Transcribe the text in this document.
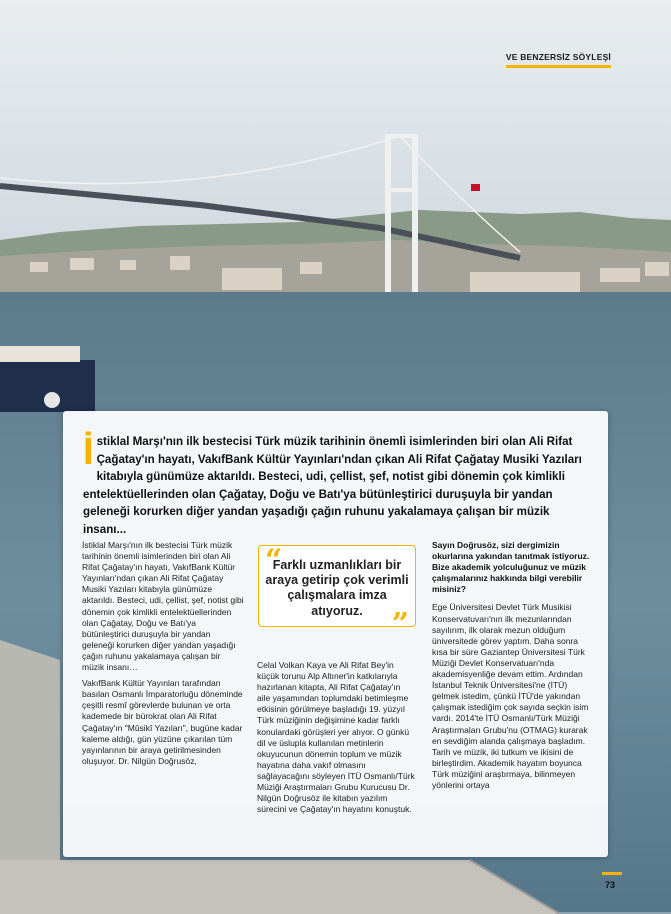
VE BENZERSİZ SÖYLEŞİ
İ stiklal Marşı'nın ilk bestecisi Türk müzik tarihinin önemli isimlerinden biri olan Ali Rifat Çağatay'ın hayatı, VakıfBank Kültür Yayınları'ndan çıkan Ali Rifat Çağatay Musiki Yazıları kitabıyla günümüze aktarıldı. Besteci, udi, çellist, şef, notist gibi dönemin çok kimlikli entelektüellerinden olan Çağatay, Doğu ve Batı'ya bütünleştirici duruşuyla bir yandan geleneği korurken diğer yandan yaşadığı çağın ruhunu yakalamaya çalışan bir müzik insanı...

İstiklal Marşı'nın ilk bestecisi Türk müzik tarihinin önemli isimlerinden biri olan Ali Rifat Çağatay'ın hayatı, VakıfBank Kültür Yayınları'ndan çıkan Ali Rifat Çağatay Musiki Yazıları kitabıyla günümüze aktarıldı. Besteci, udi, çellist, şef, notist gibi dönemin çok kimlikli entelektüellerinden olan Çağatay, Doğu ve Batı'ya bütünleştirici duruşuyla bir yandan geleneği korurken diğer yandan yaşadığı çağın ruhunu yakalamaya çalışan bir müzik insanı…

VakıfBank Kültür Yayınları tarafından basılan Osmanlı İmparatorluğu döneminde çeşitli resmî görevlerde bulunan ve orta kademede bir bürokrat olan Ali Rifat Çağatay'ın "Mûsikî Yazıları", bugüne kadar kaleme aldığı, gün yüzüne çıkarılan tüm yayınlarının bir araya getirilmesinden oluşuyor. Dr. Nilgün Doğrusöz,

“
Farklı uzmanlıkları bir araya getirip çok verimli çalışmalara imza atıyoruz. ”

Celal Volkan Kaya ve Ali Rifat Bey'in küçük torunu Alp Altıner'in katkılarıyla hazırlanan kitapta, Ali Rifat Çağatay'ın aile yaşamından toplumdaki betimleşme etkisinin görülmeye başladığı 19. yüzyıl Türk müziğinin değişimine kadar farklı konulardaki görüşleri yer alıyor. O günkü dil ve üslupla kullanılan metinlerin okuyucunun dönemin toplum ve müzik hayatına daha vakıf olmasını sağlayacağını söyleyen İTÜ Osmanlı/Türk Müziği Araştırmaları Grubu Kurucusu Dr. Nilgün Doğrusöz ile kitabın yazılım sürecini ve Çağatay'ın hayatını konuştuk.

Sayın Doğrusöz, sizi dergimizin okurlarına yakından tanıtmak istiyoruz. Bize akademik yolculuğunuz ve müzik çalışmalarınız hakkında bilgi verebilir misiniz?

Ege Üniversitesi Devlet Türk Musikisi Konservatuvarı'nın ilk mezunlarından sayılırım, ilk olarak mezun olduğum üniversitede görev yaptım. Daha sonra kısa bir süre Gaziantep Üniversitesi Türk Müziği Devlet Konservatuarı'nda akademisyenliğe devam ettim. Ardından İstanbul Teknik Üniversitesi'ne (İTÜ) gelmek istedim, çünkü İTÜ'de yakından çalışmak istediğim çok sayıda seçkin isim vardı. 2014'te İTÜ Osmanlı/Türk Müziği Araştırmaları Grubu'nu (OTMAG) kurarak en sevdiğim alanda çalışmaya başladım. Tarih ve müzik, iki tutkum ve ikisini de birleştirdim. Akademik hayatım boyunca Türk müziğini araştırmaya, bilinmeyen yönlerini ortaya

73
